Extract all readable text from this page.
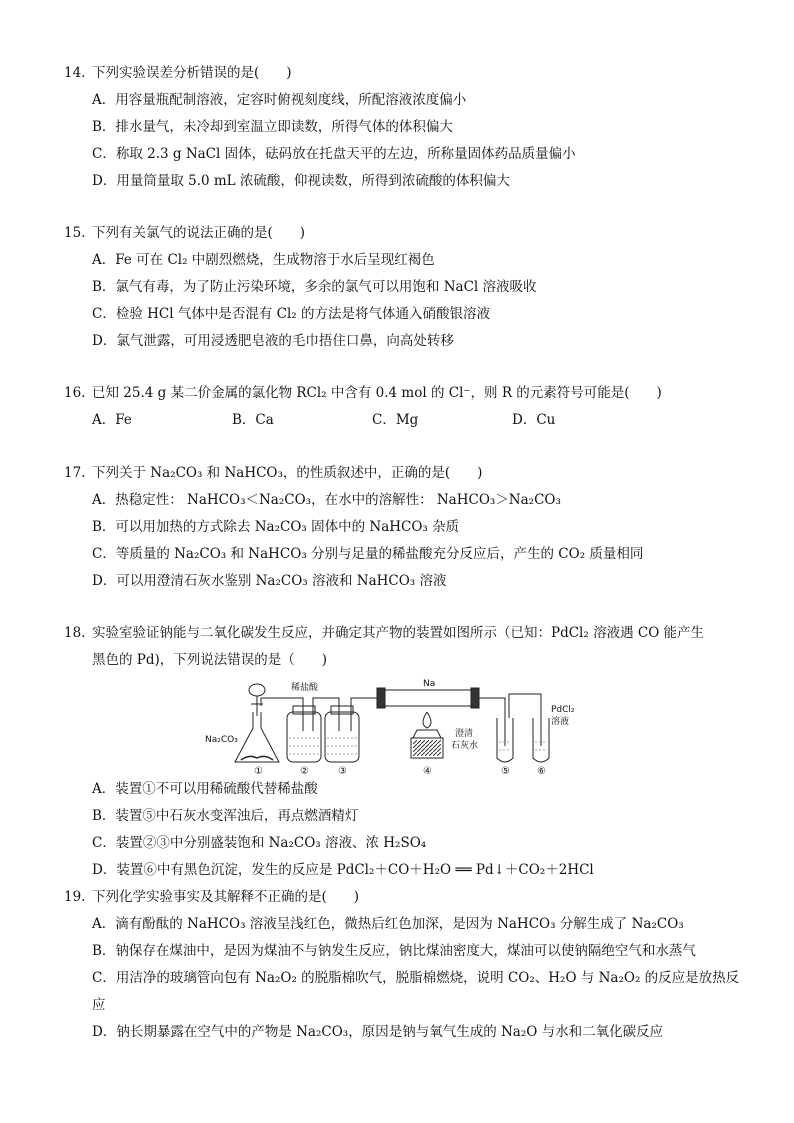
14. 下列实验误差分析错误的是(　　)
A．用容量瓶配制溶液，定容时俯视刻度线，所配溶液浓度偏小
B．排水量气，未冷却到室温立即读数，所得气体的体积偏大
C．称取 2.3 g NaCl 固体，砝码放在托盘天平的左边，所称量固体药品质量偏小
D．用量筒量取 5.0 mL 浓硫酸，仰视读数，所得到浓硫酸的体积偏大
15. 下列有关氯气的说法正确的是(　　)
A．Fe 可在 Cl₂ 中剧烈燃烧，生成物溶于水后呈现红褐色
B．氯气有毒，为了防止污染环境，多余的氯气可以用饱和 NaCl 溶液吸收
C．检验 HCl 气体中是否混有 Cl₂ 的方法是将气体通入硝酸银溶液
D．氯气泄露，可用浸透肥皂液的毛巾捂住口鼻，向高处转移
16. 已知 25.4 g 某二价金属的氯化物 RCl₂ 中含有 0.4 mol 的 Cl⁻，则 R 的元素符号可能是(　　)
A．Fe	B．Ca	C．Mg	D．Cu
17. 下列关于 Na₂CO₃ 和 NaHCO₃，的性质叙述中，正确的是(　　)
A．热稳定性： NaHCO₃＜Na₂CO₃，在水中的溶解性： NaHCO₃＞Na₂CO₃
B．可以用加热的方式除去 Na₂CO₃ 固体中的 NaHCO₃ 杂质
C．等质量的 Na₂CO₃ 和 NaHCO₃ 分别与足量的稀盐酸充分反应后，产生的 CO₂ 质量相同
D．可以用澄清石灰水鉴别 Na₂CO₃ 溶液和 NaHCO₃ 溶液
18. 实验室验证钠能与二氧化碳发生反应，并确定其产物的装置如图所示（已知：PdCl₂ 溶液遇 CO 能产生
黑色的 Pd)，下列说法错误的是（　　)
稀盐酸	Na
Na₂CO₃
澄清
石灰水
PdCl₂
溶液
①	②	③	④	⑤	⑥
A．装置①不可以用稀硫酸代替稀盐酸
B．装置⑤中石灰水变浑浊后，再点燃酒精灯
C．装置②③中分别盛装饱和 Na₂CO₃ 溶液、浓 H₂SO₄
D．装置⑥中有黑色沉淀，发生的反应是 PdCl₂＋CO＋H₂O ══ Pd↓＋CO₂＋2HCl
19. 下列化学实验事实及其解释不正确的是(　　)
A．滴有酚酞的 NaHCO₃ 溶液呈浅红色，微热后红色加深，是因为 NaHCO₃ 分解生成了 Na₂CO₃
B．钠保存在煤油中，是因为煤油不与钠发生反应，钠比煤油密度大，煤油可以使钠隔绝空气和水蒸气
C．用洁净的玻璃管向包有 Na₂O₂ 的脱脂棉吹气，脱脂棉燃烧，说明 CO₂、H₂O 与 Na₂O₂ 的反应是放热反应
D．钠长期暴露在空气中的产物是 Na₂CO₃，原因是钠与氧气生成的 Na₂O 与水和二氧化碳反应
